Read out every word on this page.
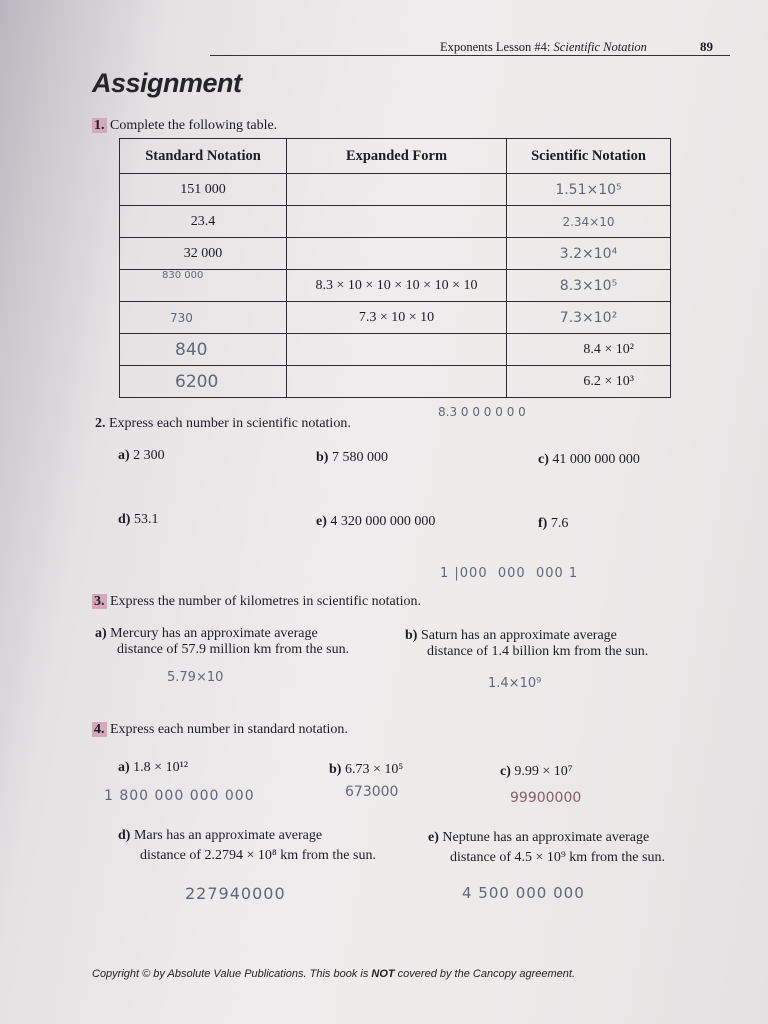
Exponents Lesson #4: Scientific Notation	89
Assignment
1. Complete the following table.
Standard Notation	Expanded Form	Scientific Notation
151 000		1.51×10⁵
23.4		2.34×10
32 000		3.2×10⁴
830 000	8.3 × 10 × 10 × 10 × 10 × 10	8.3×10⁵
730	7.3 × 10 × 10	7.3×10²
840		8.4 × 10²
6200		6.2 × 10³
8.3 0 0 0 0 0 0
2. Express each number in scientific notation.
a) 2 300	b) 7 580 000	c) 41 000 000 000
d) 53.1	e) 4 320 000 000 000	f) 7.6
1 |000  000  000 1
3. Express the number of kilometres in scientific notation.
a) Mercury has an approximate average
distance of 57.9 million km from the sun.
b) Saturn has an approximate average
distance of 1.4 billion km from the sun.
5.79×10	1.4×10⁹
4. Express each number in standard notation.
a) 1.8 × 10¹²	b) 6.73 × 10⁵	c) 9.99 × 10⁷
1 800 000 000 000	673000	99900000
d) Mars has an approximate average
distance of 2.2794 × 10⁸ km from the sun.
e) Neptune has an approximate average
distance of 4.5 × 10⁹ km from the sun.
227940000	4 500 000 000
Copyright © by Absolute Value Publications. This book is NOT covered by the Cancopy agreement.
